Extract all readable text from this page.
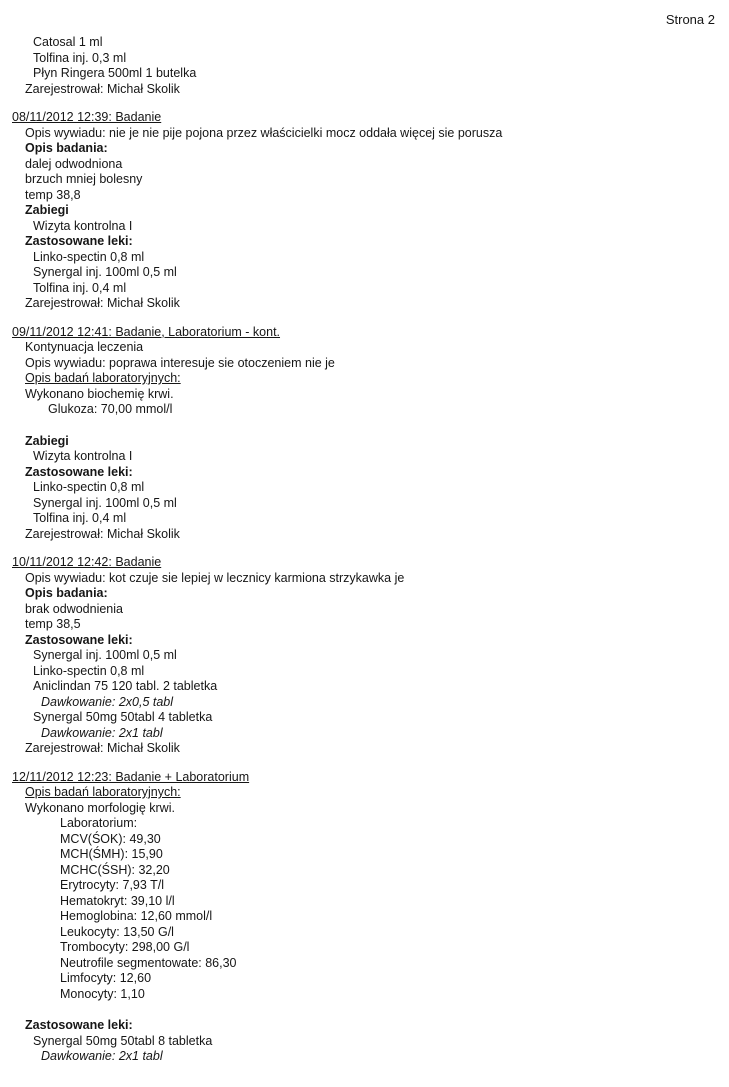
Strona 2
Catosal 1 ml
Tolfina inj. 0,3 ml
Płyn Ringera 500ml 1 butelka
Zarejestrował: Michał Skolik
08/11/2012 12:39: Badanie
Opis wywiadu: nie je nie pije pojona przez właścicielki mocz oddała więcej sie porusza
Opis badania:
dalej odwodniona
brzuch mniej bolesny
temp 38,8
Zabiegi
Wizyta kontrolna I
Zastosowane leki:
Linko-spectin 0,8 ml
Synergal inj. 100ml 0,5 ml
Tolfina inj. 0,4 ml
Zarejestrował: Michał Skolik
09/11/2012 12:41: Badanie, Laboratorium - kont.
Kontynuacja leczenia
Opis wywiadu: poprawa interesuje sie otoczeniem nie je
Opis badań laboratoryjnych:
Wykonano biochemię krwi.
Glukoza: 70,00 mmol/l
Zabiegi
Wizyta kontrolna I
Zastosowane leki:
Linko-spectin 0,8 ml
Synergal inj. 100ml 0,5 ml
Tolfina inj. 0,4 ml
Zarejestrował: Michał Skolik
10/11/2012 12:42: Badanie
Opis wywiadu: kot czuje sie lepiej w lecznicy karmiona strzykawka je
Opis badania:
brak odwodnienia
temp 38,5
Zastosowane leki:
Synergal inj. 100ml 0,5 ml
Linko-spectin 0,8 ml
Aniclindan 75 120 tabl. 2 tabletka
Dawkowanie: 2x0,5 tabl
Synergal 50mg 50tabl 4 tabletka
Dawkowanie: 2x1 tabl
Zarejestrował: Michał Skolik
12/11/2012 12:23: Badanie + Laboratorium
Opis badań laboratoryjnych:
Wykonano morfologię krwi.
Laboratorium:
MCV(ŚOK): 49,30
MCH(ŚMH): 15,90
MCHC(ŚSH): 32,20
Erytrocyty: 7,93 T/l
Hematokryt: 39,10 l/l
Hemoglobina: 12,60 mmol/l
Leukocyty: 13,50 G/l
Trombocyty: 298,00 G/l
Neutrofile segmentowate: 86,30
Limfocyty: 12,60
Monocyty: 1,10
Zastosowane leki:
Synergal 50mg 50tabl 8 tabletka
Dawkowanie: 2x1 tabl
